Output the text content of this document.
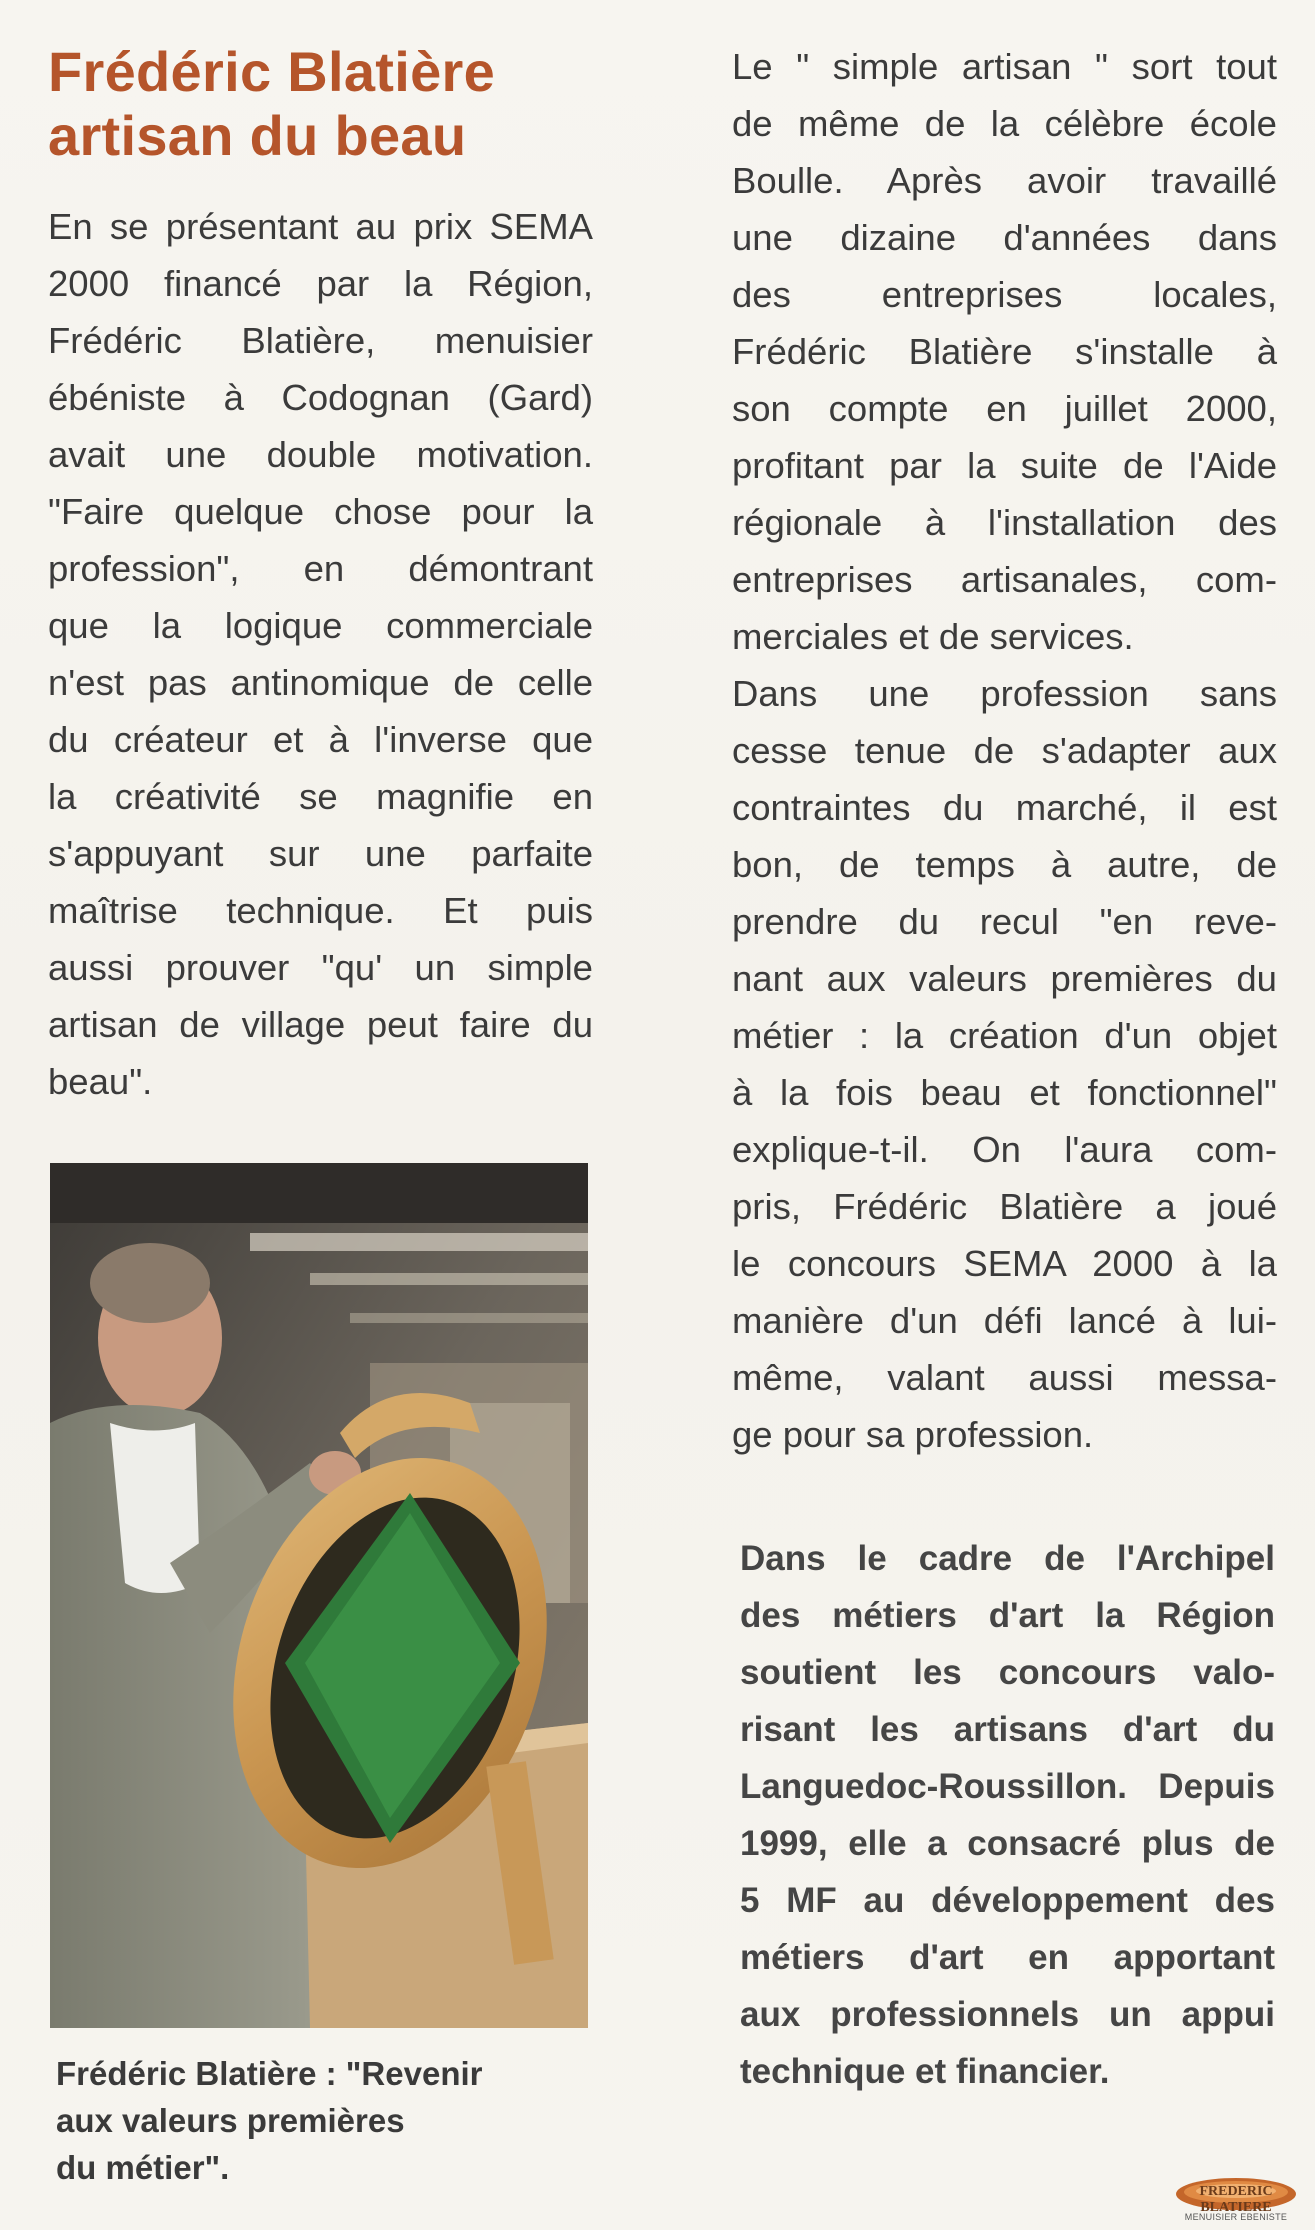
Frédéric Blatière
artisan du beau

En se présentant au prix SEMA
2000 financé par la Région,
Frédéric Blatière, menuisier
ébéniste à Codognan (Gard)
avait une double motivation.
"Faire quelque chose pour la
profession", en démontrant
que la logique commerciale
n'est pas antinomique de celle
du créateur et à l'inverse que
la créativité se magnifie en
s'appuyant sur une parfaite
maîtrise technique. Et puis
aussi prouver "qu' un simple
artisan de village peut faire du
beau".

Frédéric Blatière : "Revenir
aux valeurs premières
du métier".

Le " simple artisan " sort tout
de même de la célèbre école
Boulle. Après avoir travaillé
une dizaine d'années dans
des entreprises locales,
Frédéric Blatière s'installe à
son compte en juillet 2000,
profitant par la suite de l'Aide
régionale à l'installation des
entreprises artisanales, com-
merciales et de services.
Dans une profession sans
cesse tenue de s'adapter aux
contraintes du marché, il est
bon, de temps à autre, de
prendre du recul "en reve-
nant aux valeurs premières du
métier : la création d'un objet
à la fois beau et fonctionnel"
explique-t-il. On l'aura com-
pris, Frédéric Blatière a joué
le concours SEMA 2000 à la
manière d'un défi lancé à lui-
même, valant aussi messa-
ge pour sa profession.

Dans le cadre de l'Archipel
des métiers d'art la Région
soutient les concours valo-
risant les artisans d'art du
Languedoc-Roussillon. Depuis
1999, elle a consacré plus de
5 MF au développement des
métiers d'art en apportant
aux professionnels un appui
technique et financier.
FREDERIC BLATIERE
MENUISIER EBENISTE
